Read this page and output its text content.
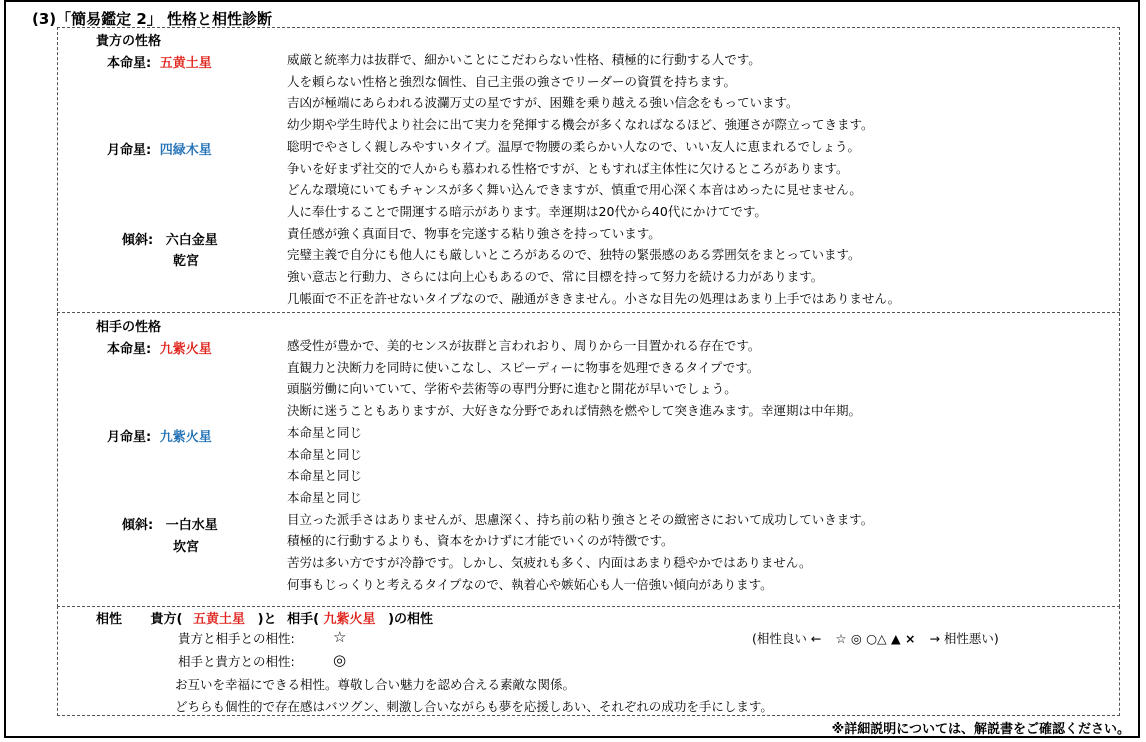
(3)「簡易鑑定 2」 性格と相性診断
貴方の性格
本命星: 五黄土星
月命星: 四緑木星
傾斜: 六白金星
乾宮
威厳と統率力は抜群で、細かいことにこだわらない性格、積極的に行動する人です。
人を頼らない性格と強烈な個性、自己主張の強さでリーダーの資質を持ちます。
吉凶が極端にあらわれる波瀾万丈の星ですが、困難を乗り越える強い信念をもっています。
幼少期や学生時代より社会に出て実力を発揮する機会が多くなればなるほど、強運さが際立ってきます。
聡明でやさしく親しみやすいタイプ。温厚で物腰の柔らかい人なので、いい友人に恵まれるでしょう。
争いを好まず社交的で人からも慕われる性格ですが、ともすれば主体性に欠けるところがあります。
どんな環境にいてもチャンスが多く舞い込んできますが、慎重で用心深く本音はめったに見せません。
人に奉仕することで開運する暗示があります。幸運期は20代から40代にかけてです。
責任感が強く真面目で、物事を完遂する粘り強さを持っています。
完璧主義で自分にも他人にも厳しいところがあるので、独特の緊張感のある雰囲気をまとっています。
強い意志と行動力、さらには向上心もあるので、常に目標を持って努力を続ける力があります。
几帳面で不正を許せないタイプなので、融通がききません。小さな目先の処理はあまり上手ではありません。
相手の性格
本命星: 九紫火星
月命星: 九紫火星
傾斜: 一白水星
坎宮
感受性が豊かで、美的センスが抜群と言われおり、周りから一目置かれる存在です。
直観力と決断力を同時に使いこなし、スピーディーに物事を処理できるタイプです。
頭脳労働に向いていて、学術や芸術等の専門分野に進むと開花が早いでしょう。
決断に迷うこともありますが、大好きな分野であれば情熱を燃やして突き進みます。幸運期は中年期。
本命星と同じ
本命星と同じ
本命星と同じ
本命星と同じ
目立った派手さはありませんが、思慮深く、持ち前の粘り強さとその緻密さにおいて成功していきます。
積極的に行動するよりも、資本をかけずに才能でいくのが特徴です。
苦労は多い方ですが冷静です。しかし、気疲れも多く、内面はあまり穏やかではありません。
何事もじっくりと考えるタイプなので、執着心や嫉妬心も人一倍強い傾向があります。
相性 貴方( 五黄土星 )と 相手( 九紫火星 )の相性
貴方と相手との相性:	☆
相手と貴方との相性:	◎
(相性良い ← ☆ ◎ ○△ ▲ × → 相性悪い)
お互いを幸福にできる相性。尊敬し合い魅力を認め合える素敵な関係。
どちらも個性的で存在感はバツグン、刺激し合いながらも夢を応援しあい、それぞれの成功を手にします。
※詳細説明については、解説書をご確認ください。
